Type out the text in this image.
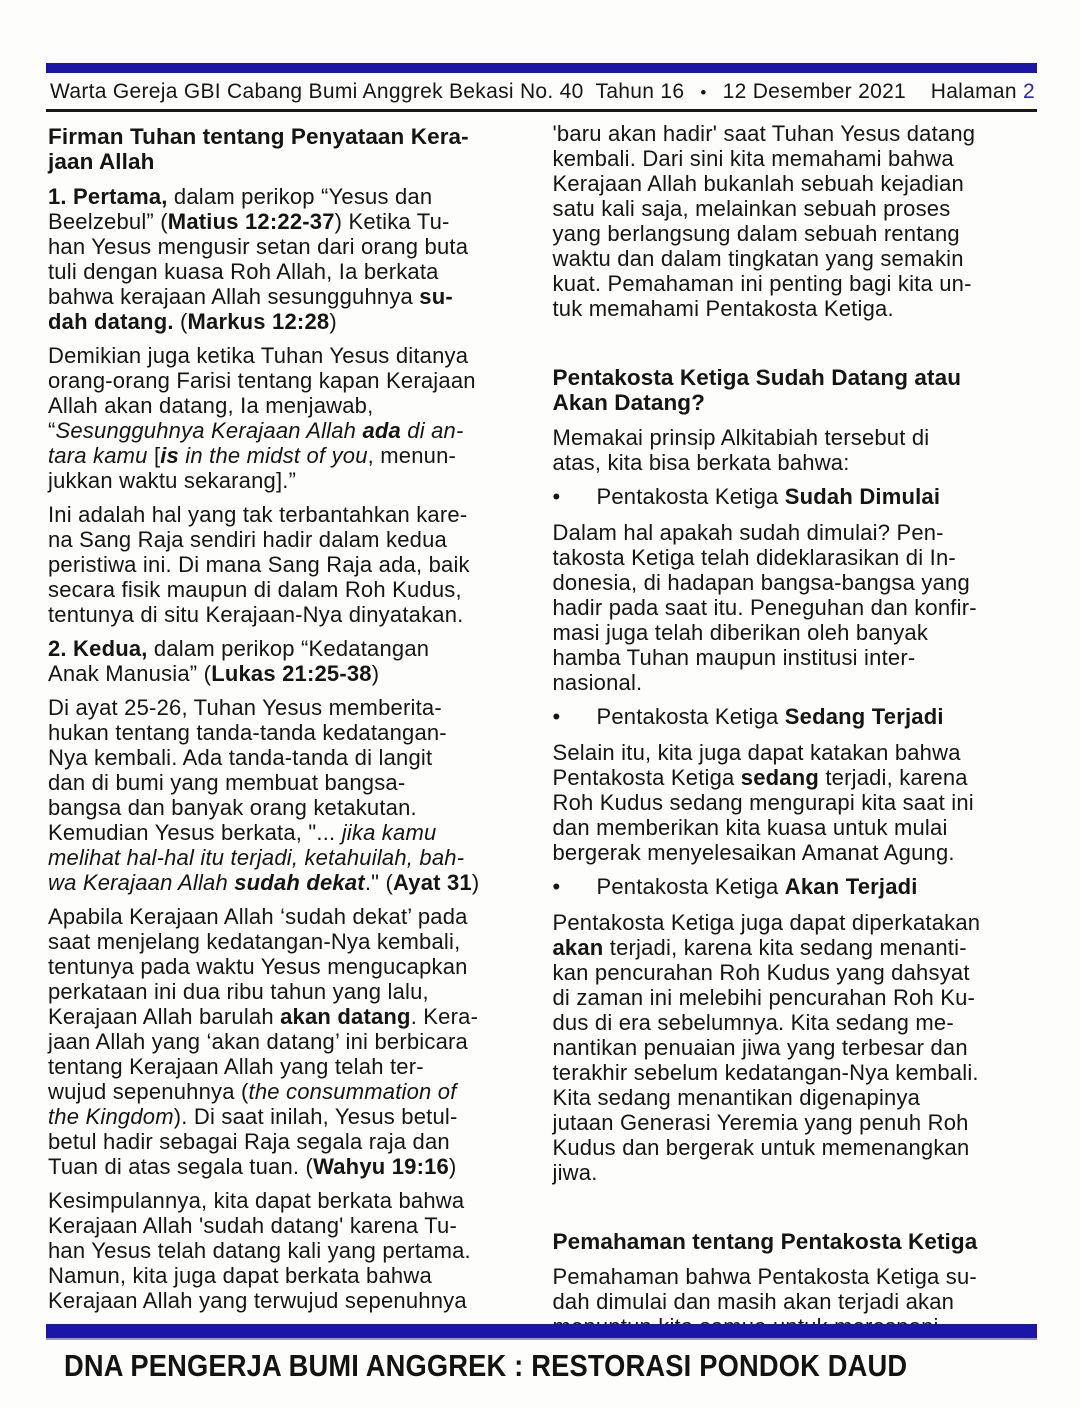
Warta Gereja GBI Cabang Bumi Anggrek Bekasi No. 40  Tahun 16 • 12 Desember 2021 Halaman 2
Firman Tuhan tentang Penyataan Kera-
jaan Allah
1. Pertama, dalam perikop “Yesus dan
Beelzebul” (Matius 12:22-37) Ketika Tu-
han Yesus mengusir setan dari orang buta
tuli dengan kuasa Roh Allah, Ia berkata
bahwa kerajaan Allah sesungguhnya su-
dah datang. (Markus 12:28)
Demikian juga ketika Tuhan Yesus ditanya
orang-orang Farisi tentang kapan Kerajaan
Allah akan datang, Ia menjawab,
“Sesungguhnya Kerajaan Allah ada di an-
tara kamu [is in the midst of you, menun-
jukkan waktu sekarang].”
Ini adalah hal yang tak terbantahkan kare-
na Sang Raja sendiri hadir dalam kedua
peristiwa ini. Di mana Sang Raja ada, baik
secara fisik maupun di dalam Roh Kudus,
tentunya di situ Kerajaan-Nya dinyatakan.
2. Kedua, dalam perikop “Kedatangan
Anak Manusia” (Lukas 21:25-38)
Di ayat 25-26, Tuhan Yesus memberita-
hukan tentang tanda-tanda kedatangan-
Nya kembali. Ada tanda-tanda di langit
dan di bumi yang membuat bangsa-
bangsa dan banyak orang ketakutan.
Kemudian Yesus berkata, "... jika kamu
melihat hal-hal itu terjadi, ketahuilah, bah-
wa Kerajaan Allah sudah dekat." (Ayat 31)
Apabila Kerajaan Allah ‘sudah dekat’ pada
saat menjelang kedatangan-Nya kembali,
tentunya pada waktu Yesus mengucapkan
perkataan ini dua ribu tahun yang lalu,
Kerajaan Allah barulah akan datang. Kera-
jaan Allah yang ‘akan datang’ ini berbicara
tentang Kerajaan Allah yang telah ter-
wujud sepenuhnya (the consummation of
the Kingdom). Di saat inilah, Yesus betul-
betul hadir sebagai Raja segala raja dan
Tuan di atas segala tuan. (Wahyu 19:16)
Kesimpulannya, kita dapat berkata bahwa
Kerajaan Allah 'sudah datang' karena Tu-
han Yesus telah datang kali yang pertama.
Namun, kita juga dapat berkata bahwa
Kerajaan Allah yang terwujud sepenuhnya
'baru akan hadir' saat Tuhan Yesus datang
kembali. Dari sini kita memahami bahwa
Kerajaan Allah bukanlah sebuah kejadian
satu kali saja, melainkan sebuah proses
yang berlangsung dalam sebuah rentang
waktu dan dalam tingkatan yang semakin
kuat. Pemahaman ini penting bagi kita un-
tuk memahami Pentakosta Ketiga.
Pentakosta Ketiga Sudah Datang atau
Akan Datang?
Memakai prinsip Alkitabiah tersebut di
atas, kita bisa berkata bahwa:
•	Pentakosta Ketiga Sudah Dimulai
Dalam hal apakah sudah dimulai? Pen-
takosta Ketiga telah dideklarasikan di In-
donesia, di hadapan bangsa-bangsa yang
hadir pada saat itu. Peneguhan dan konfir-
masi juga telah diberikan oleh banyak
hamba Tuhan maupun institusi inter-
nasional.
•	Pentakosta Ketiga Sedang Terjadi
Selain itu, kita juga dapat katakan bahwa
Pentakosta Ketiga sedang terjadi, karena
Roh Kudus sedang mengurapi kita saat ini
dan memberikan kita kuasa untuk mulai
bergerak menyelesaikan Amanat Agung.
•	Pentakosta Ketiga Akan Terjadi
Pentakosta Ketiga juga dapat diperkatakan
akan terjadi, karena kita sedang menanti-
kan pencurahan Roh Kudus yang dahsyat
di zaman ini melebihi pencurahan Roh Ku-
dus di era sebelumnya. Kita sedang me-
nantikan penuaian jiwa yang terbesar dan
terakhir sebelum kedatangan-Nya kembali.
Kita sedang menantikan digenapinya
jutaan Generasi Yeremia yang penuh Roh
Kudus dan bergerak untuk memenangkan
jiwa.
Pemahaman tentang Pentakosta Ketiga
Pemahaman bahwa Pentakosta Ketiga su-
dah dimulai dan masih akan terjadi akan
DNA PENGERJA BUMI ANGGREK : RESTORASI PONDOK DAUD
